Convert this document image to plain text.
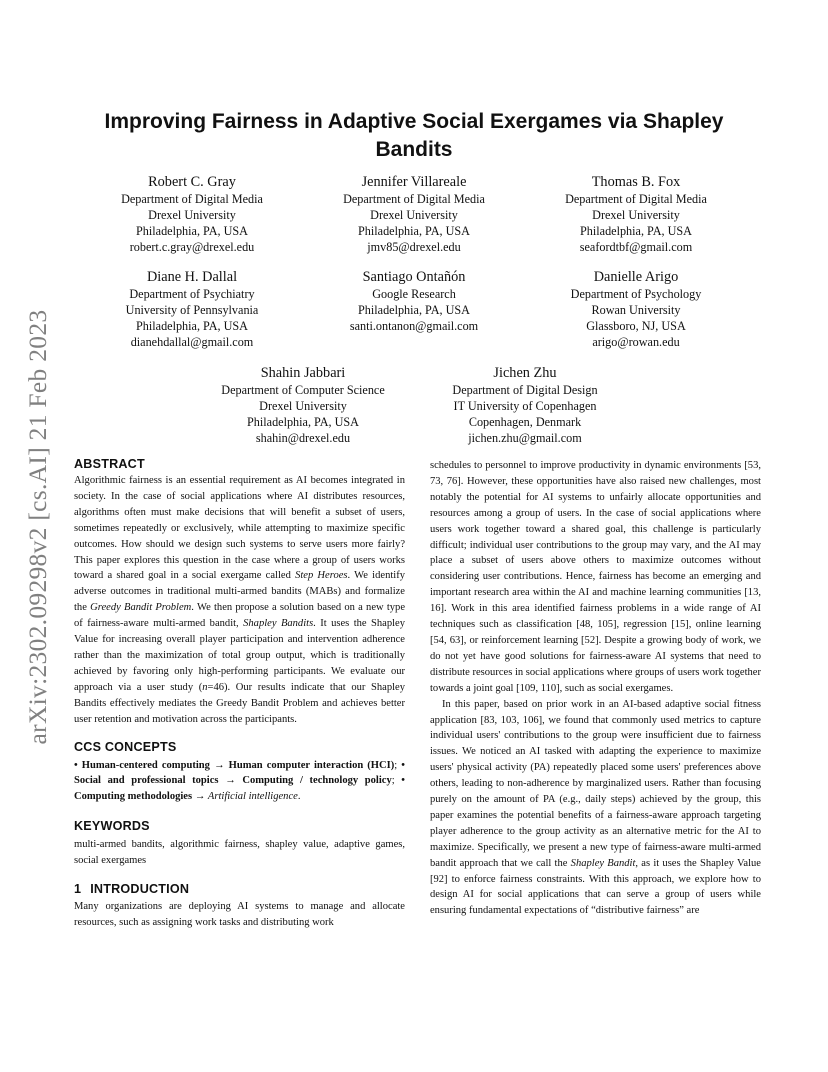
arXiv:2302.09298v2 [cs.AI] 21 Feb 2023
Improving Fairness in Adaptive Social Exergames via Shapley Bandits
Robert C. Gray
Department of Digital Media
Drexel University
Philadelphia, PA, USA
robert.c.gray@drexel.edu
Jennifer Villareale
Department of Digital Media
Drexel University
Philadelphia, PA, USA
jmv85@drexel.edu
Thomas B. Fox
Department of Digital Media
Drexel University
Philadelphia, PA, USA
seafordtbf@gmail.com
Diane H. Dallal
Department of Psychiatry
University of Pennsylvania
Philadelphia, PA, USA
dianehdallal@gmail.com
Santiago Ontañón
Google Research
Philadelphia, PA, USA
santi.ontanon@gmail.com
Danielle Arigo
Department of Psychology
Rowan University
Glassboro, NJ, USA
arigo@rowan.edu
Shahin Jabbari
Department of Computer Science
Drexel University
Philadelphia, PA, USA
shahin@drexel.edu
Jichen Zhu
Department of Digital Design
IT University of Copenhagen
Copenhagen, Denmark
jichen.zhu@gmail.com
ABSTRACT

Algorithmic fairness is an essential requirement as AI becomes integrated in society. In the case of social applications where AI distributes resources, algorithms often must make decisions that will benefit a subset of users, sometimes repeatedly or exclusively, while attempting to maximize specific outcomes. How should we design such systems to serve users more fairly? This paper explores this question in the case where a group of users works toward a shared goal in a social exergame called Step Heroes. We identify adverse outcomes in traditional multi-armed bandits (MABs) and formalize the Greedy Bandit Problem. We then propose a solution based on a new type of fairness-aware multi-armed bandit, Shapley Bandits. It uses the Shapley Value for increasing overall player participation and intervention adherence rather than the maximization of total group output, which is traditionally achieved by favoring only high-performing participants. We evaluate our approach via a user study (n=46). Our results indicate that our Shapley Bandits effectively mediates the Greedy Bandit Problem and achieves better user retention and motivation across the participants.

CCS CONCEPTS

• Human-centered computing → Human computer interaction (HCI); • Social and professional topics → Computing / technology policy; • Computing methodologies → Artificial intelligence.

KEYWORDS

multi-armed bandits, algorithmic fairness, shapley value, adaptive games, social exergames

1 INTRODUCTION

Many organizations are deploying AI systems to manage and allocate resources, such as assigning work tasks and distributing work

schedules to personnel to improve productivity in dynamic environments [53, 73, 76]. However, these opportunities have also raised new challenges, most notably the potential for AI systems to unfairly allocate opportunities and resources among a group of users. In the case of social applications where users work together toward a shared goal, this challenge is particularly difficult; individual user contributions to the group may vary, and the AI may place a subset of users above others to maximize outcomes without considering user contributions. Hence, fairness has become an emerging and important research area within the AI and machine learning communities [13, 16]. Work in this area identified fairness problems in a wide range of AI techniques such as classification [48, 105], regression [15], online learning [54, 63], or reinforcement learning [52]. Despite a growing body of work, we do not yet have good solutions for fairness-aware AI systems that need to distribute resources in social applications where groups of users work together towards a joint goal [109, 110], such as social exergames.

In this paper, based on prior work in an AI-based adaptive social fitness application [83, 103, 106], we found that commonly used metrics to capture individual users' contributions to the group were insufficient due to fairness issues. We noticed an AI tasked with adapting the experience to maximize users' physical activity (PA) repeatedly placed some users' preferences above others, leading to non-adherence by marginalized users. Rather than focusing purely on the amount of PA (e.g., daily steps) achieved by the group, this paper examines the potential benefits of a fairness-aware approach targeting player adherence to the group activity as an alternative metric for the AI to maximize. Specifically, we present a new type of fairness-aware multi-armed bandit approach that we call the Shapley Bandit, as it uses the Shapley Value [92] to enforce fairness constraints. With this approach, we explore how to design AI for social applications that can serve a group of users while ensuring fundamental expectations of “distributive fairness” are
